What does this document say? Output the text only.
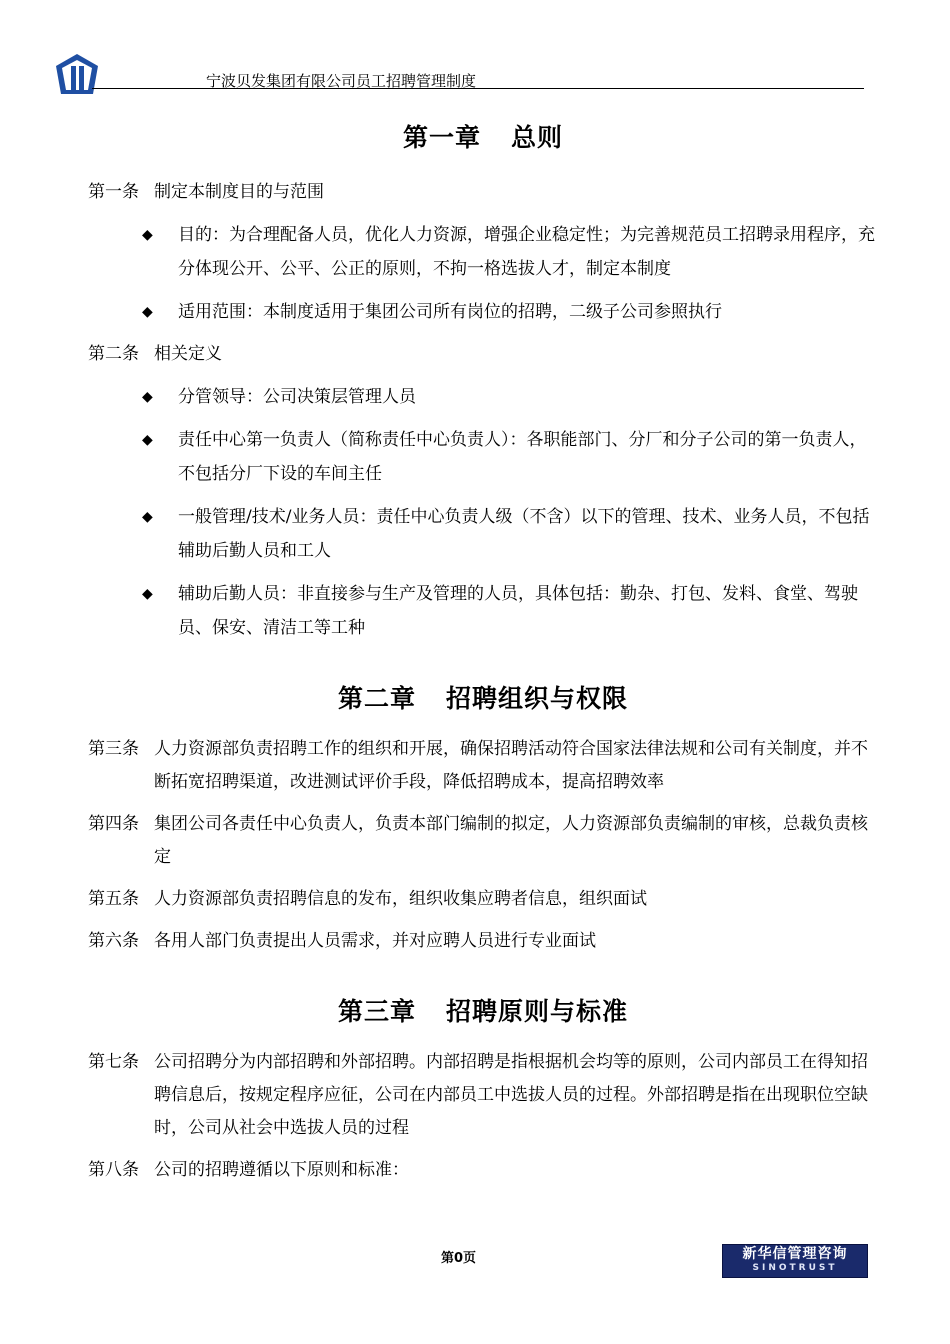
宁波贝发集团有限公司员工招聘管理制度
第一章 总则
第一条 制定本制度目的与范围
◆	目的：为合理配备人员，优化人力资源，增强企业稳定性；为完善规范员工招聘录用程序，充分体现公开、公平、公正的原则，不拘一格选拔人才，制定本制度
◆	适用范围：本制度适用于集团公司所有岗位的招聘，二级子公司参照执行
第二条 相关定义
◆	分管领导：公司决策层管理人员
◆	责任中心第一负责人（简称责任中心负责人）：各职能部门、分厂和分子公司的第一负责人，不包括分厂下设的车间主任
◆	一般管理/技术/业务人员：责任中心负责人级（不含）以下的管理、技术、业务人员，不包括辅助后勤人员和工人
◆	辅助后勤人员：非直接参与生产及管理的人员，具体包括：勤杂、打包、发料、食堂、驾驶员、保安、清洁工等工种
第二章 招聘组织与权限
第三条 人力资源部负责招聘工作的组织和开展，确保招聘活动符合国家法律法规和公司有关制度，并不断拓宽招聘渠道，改进测试评价手段，降低招聘成本，提高招聘效率
第四条 集团公司各责任中心负责人，负责本部门编制的拟定，人力资源部负责编制的审核，总裁负责核定
第五条 人力资源部负责招聘信息的发布，组织收集应聘者信息，组织面试
第六条 各用人部门负责提出人员需求，并对应聘人员进行专业面试
第三章 招聘原则与标准
第七条 公司招聘分为内部招聘和外部招聘。内部招聘是指根据机会均等的原则，公司内部员工在得知招聘信息后，按规定程序应征，公司在内部员工中选拔人员的过程。外部招聘是指在出现职位空缺时，公司从社会中选拔人员的过程
第八条 公司的招聘遵循以下原则和标准：
第0页	新华信管理咨询
SINOTRUST
